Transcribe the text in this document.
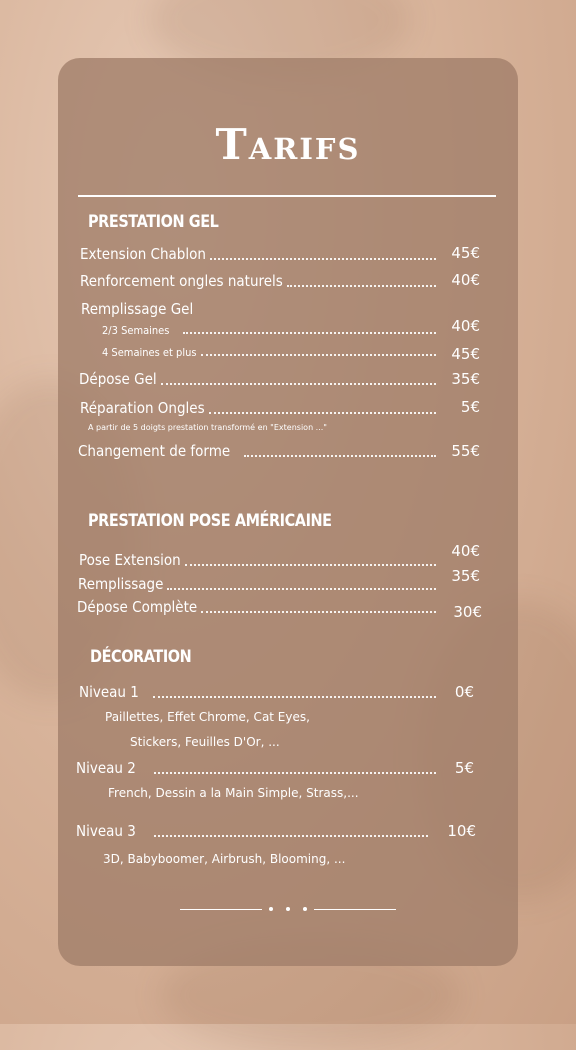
Tarifs
PRESTATION GEL
Extension Chablon	45€
Renforcement ongles naturels	40€
Remplissage Gel
2/3 Semaines	40€
4 Semaines et plus	45€
Dépose Gel	35€
Réparation Ongles	5€
A partir de 5 doigts prestation transformé en "Extension ..."
Changement de forme	55€
PRESTATION POSE AMÉRICAINE
Pose Extension	40€
Remplissage	35€
Dépose Complète	30€
DÉCORATION
Niveau 1	0€
Paillettes, Effet Chrome, Cat Eyes,
Stickers, Feuilles D'Or, ...
Niveau 2	5€
French, Dessin a la Main Simple, Strass,...
Niveau 3	10€
3D, Babyboomer, Airbrush, Blooming, ...
